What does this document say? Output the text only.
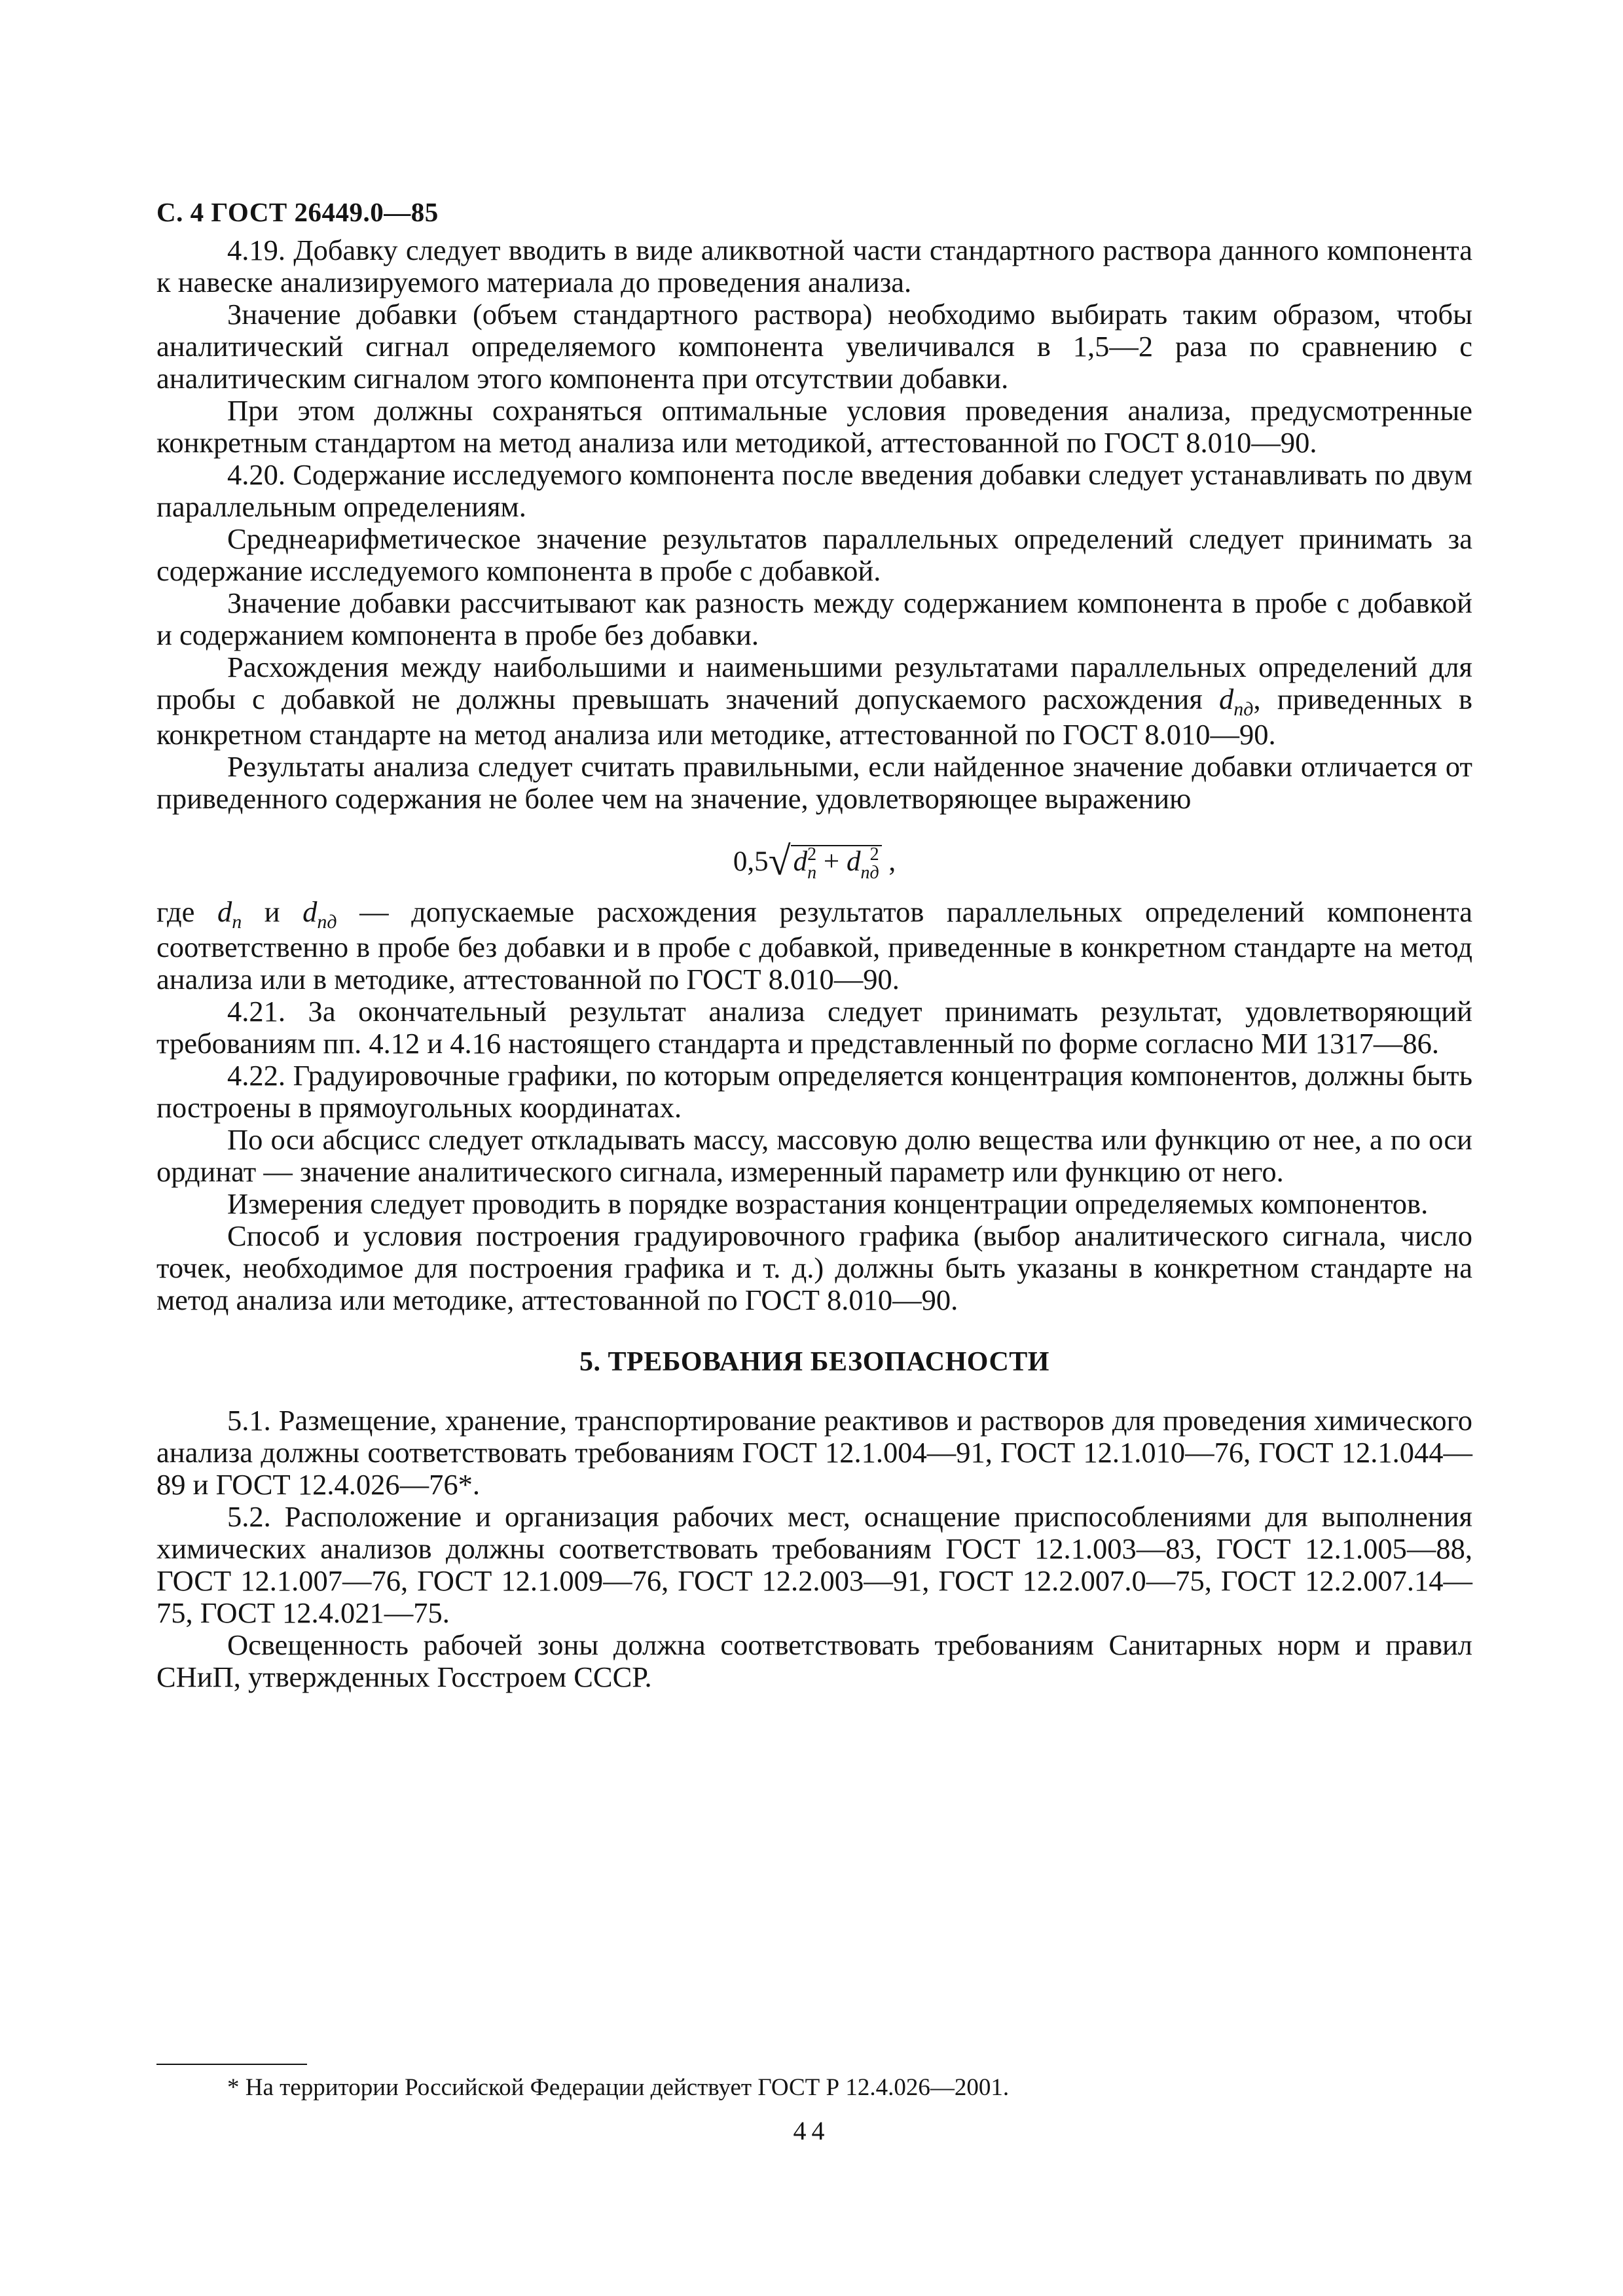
С. 4 ГОСТ 26449.0—85

4.19. Добавку следует вводить в виде аликвотной части стандартного раствора данного компонента к навеске анализируемого материала до проведения анализа.

Значение добавки (объем стандартного раствора) необходимо выбирать таким образом, чтобы аналитический сигнал определяемого компонента увеличивался в 1,5—2 раза по сравнению с аналитическим сигналом этого компонента при отсутствии добавки.

При этом должны сохраняться оптимальные условия проведения анализа, предусмотренные конкретным стандартом на метод анализа или методикой, аттестованной по ГОСТ 8.010—90.

4.20. Содержание исследуемого компонента после введения добавки следует устанавливать по двум параллельным определениям.

Среднеарифметическое значение результатов параллельных определений следует принимать за содержание исследуемого компонента в пробе с добавкой.

Значение добавки рассчитывают как разность между содержанием компонента в пробе с добавкой и содержанием компонента в пробе без добавки.

Расхождения между наибольшими и наименьшими результатами параллельных определений для пробы с добавкой не должны превышать значений допускаемого расхождения $d_{пд}$, приведенных в конкретном стандарте на метод анализа или методике, аттестованной по ГОСТ 8.010—90.

Результаты анализа следует считать правильными, если найденное значение добавки отличается от приведенного содержания не более чем на значение, удовлетворяющее выражению

$0,5√d_п^2 + d_{пд}^2$ ,

где $d_п$ и $d_{пд}$ — допускаемые расхождения результатов параллельных определений компонента соответственно в пробе без добавки и в пробе с добавкой, приведенные в конкретном стандарте на метод анализа или в методике, аттестованной по ГОСТ 8.010—90.

4.21. За окончательный результат анализа следует принимать результат, удовлетворяющий требованиям пп. 4.12 и 4.16 настоящего стандарта и представленный по форме согласно МИ 1317—86.

4.22. Градуировочные графики, по которым определяется концентрация компонентов, должны быть построены в прямоугольных координатах.

По оси абсцисс следует откладывать массу, массовую долю вещества или функцию от нее, а по оси ординат — значение аналитического сигнала, измеренный параметр или функцию от него.

Измерения следует проводить в порядке возрастания концентрации определяемых компонентов.

Способ и условия построения градуировочного графика (выбор аналитического сигнала, число точек, необходимое для построения графика и т. д.) должны быть указаны в конкретном стандарте на метод анализа или методике, аттестованной по ГОСТ 8.010—90.

5. ТРЕБОВАНИЯ БЕЗОПАСНОСТИ

5.1. Размещение, хранение, транспортирование реактивов и растворов для проведения химического анализа должны соответствовать требованиям ГОСТ 12.1.004—91, ГОСТ 12.1.010—76, ГОСТ 12.1.044—89 и ГОСТ 12.4.026—76*.

5.2. Расположение и организация рабочих мест, оснащение приспособлениями для выполнения химических анализов должны соответствовать требованиям ГОСТ 12.1.003—83, ГОСТ 12.1.005—88, ГОСТ 12.1.007—76, ГОСТ 12.1.009—76, ГОСТ 12.2.003—91, ГОСТ 12.2.007.0—75, ГОСТ 12.2.007.14—75, ГОСТ 12.4.021—75.

Освещенность рабочей зоны должна соответствовать требованиям Санитарных норм и правил СНиП, утвержденных Госстроем СССР.

* На территории Российской Федерации действует ГОСТ Р 12.4.026—2001.
44
